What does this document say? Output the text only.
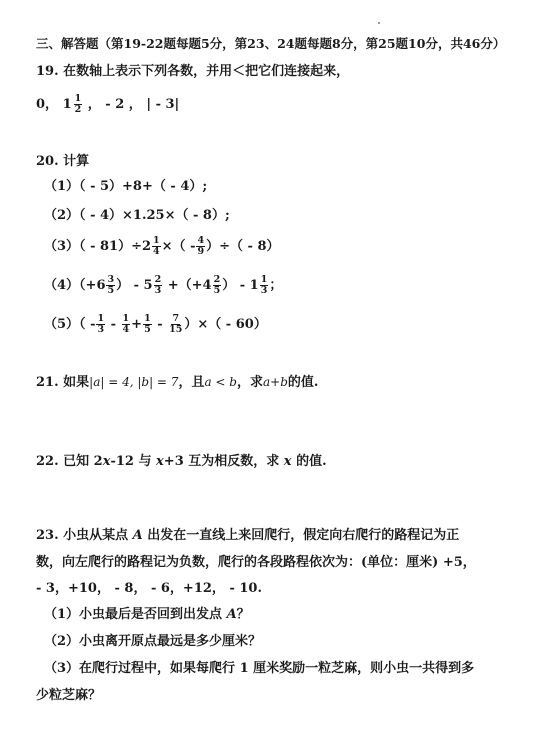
三、解答题（第19-22题每题5分，第23、24题每题8分，第25题10分，共46分）
19. 在数轴上表示下列各数，并用＜把它们连接起来，
0， $1 \frac{1}{2}$ ， - 2 ， | - 3|
20. 计算
（1）（ - 5）+8+（ - 4）;
（2）（ - 4）×1.25×（ - 8）;
$(3)( - 81)\div 2 \frac{1}{4}$ ×（ - $\frac{4}{9}$ ）÷（ - 8）
$(4)(+6 \frac{3}{5}$ ） - $5 \frac{2}{3} +(+4 \frac{2}{5}$ ） - $1 \frac{1}{3}$ ；
$(5)( - \frac{1}{3} - \frac{1}{4} + \frac{1}{5} - \frac{7}{15}$ ）×（ - 60）
21. 如果|a| = 4, |b| = 7，且a < b，求a+b的值.
22. 已知 2x-12 与 x+3 互为相反数，求 x 的值.
23. 小虫从某点 A 出发在一直线上来回爬行，假定向右爬行的路程记为正
数，向左爬行的路程记为负数，爬行的各段路程依次为：(单位：厘米) +5，
- 3，+10， - 8， - 6，+12， - 10.
（1）小虫最后是否回到出发点 A？
（2）小虫离开原点最远是多少厘米？
（3）在爬行过程中，如果每爬行 1 厘米奖励一粒芝麻，则小虫一共得到多
少粒芝麻？
